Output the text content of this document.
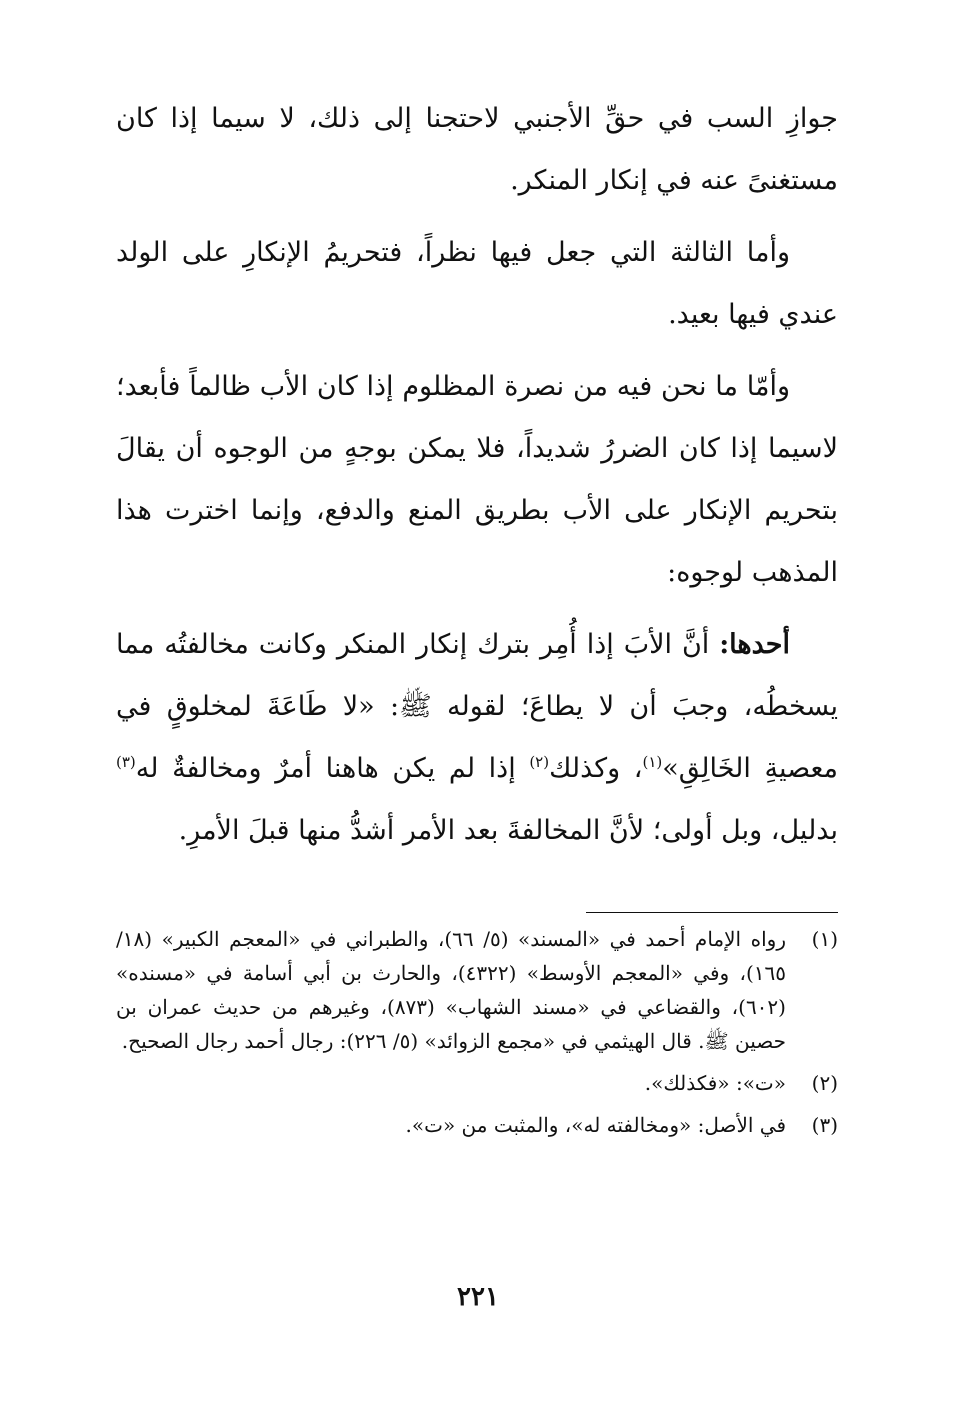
جوازِ السب في حقِّ الأجنبي لاحتجنا إلى ذلك، لا سيما إذا كان مستغنىً عنه في إنكار المنكر.

وأما الثالثة التي جعل فيها نظراً، فتحريمُ الإنكارِ على الولد عندي فيها بعيد.

وأمّا ما نحن فيه من نصرة المظلوم إذا كان الأب ظالماً فأبعد؛ لاسيما إذا كان الضررُ شديداً، فلا يمكن بوجهٍ من الوجوه أن يقالَ بتحريم الإنكار على الأب بطريق المنع والدفع، وإنما اخترت هذا المذهب لوجوه:

أحدها: أنَّ الأبَ إذا أُمِر بترك إنكار المنكر وكانت مخالفتُه مما يسخطُه، وجبَ أن لا يطاعَ؛ لقوله ﷺ: «لا طَاعَةَ لمخلوقٍ في معصيةِ الخَالِقِ»$^{(١)}$، وكذلك$^{(٢)}$ إذا لم يكن هاهنا أمرٌ ومخالفةٌ له$^{(٣)}$ بدليل، وبل أولى؛ لأنَّ المخالفةَ بعد الأمر أشدُّ منها قبلَ الأمرِ.

(١)
رواه الإمام أحمد في «المسند» (٥/ ٦٦)، والطبراني في «المعجم الكبير» (١٨/ ١٦٥)، وفي «المعجم الأوسط» (٤٣٢٢)، والحارث بن أبي أسامة في «مسنده» (٦٠٢)، والقضاعي في «مسند الشهاب» (٨٧٣)، وغيرهم من حديث عمران بن حصين ﷺ. قال الهيثمي في «مجمع الزوائد» (٥/ ٢٢٦): رجال أحمد رجال الصحيح.
(٢)
«ت»: «فكذلك».
(٣)
في الأصل: «ومخالفته له»، والمثبت من «ت».
٢٢١
